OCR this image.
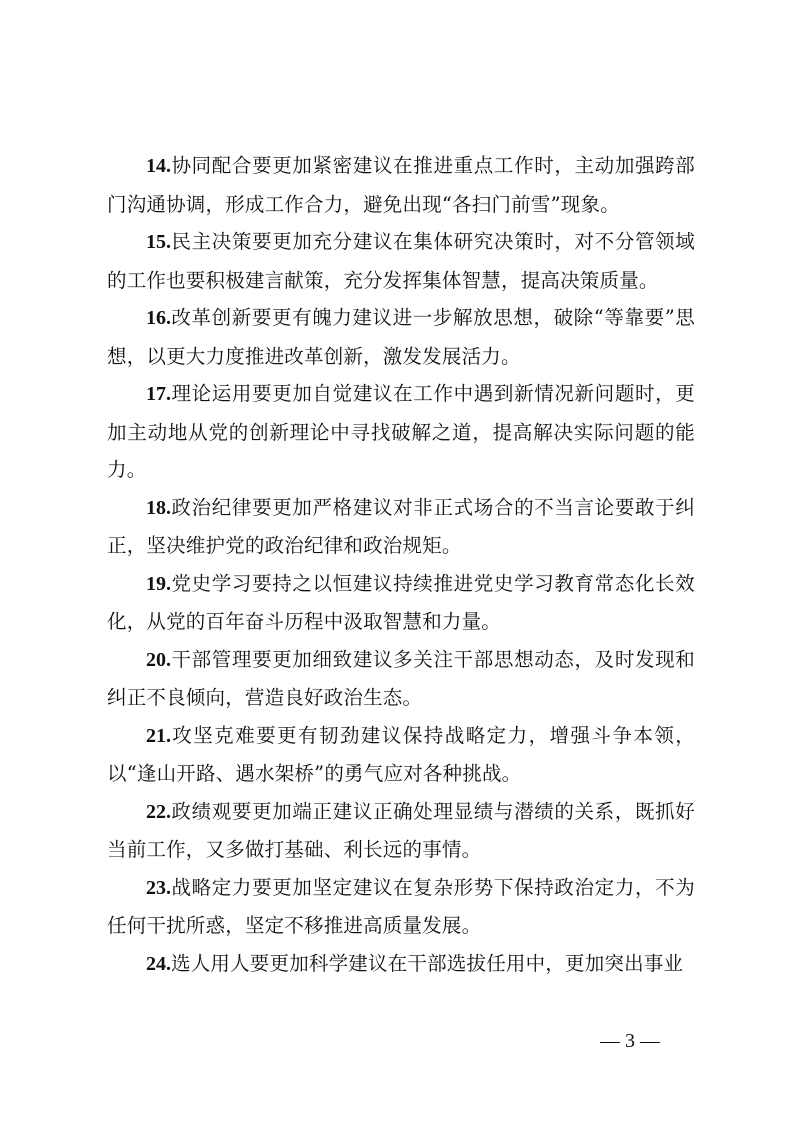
14.协同配合要更加紧密建议在推进重点工作时，主动加强跨部门沟通协调，形成工作合力，避免出现“各扫门前雪”现象。

15.民主决策要更加充分建议在集体研究决策时，对不分管领域的工作也要积极建言献策，充分发挥集体智慧，提高决策质量。

16.改革创新要更有魄力建议进一步解放思想，破除“等靠要”思想，以更大力度推进改革创新，激发发展活力。

17.理论运用要更加自觉建议在工作中遇到新情况新问题时，更加主动地从党的创新理论中寻找破解之道，提高解决实际问题的能力。

18.政治纪律要更加严格建议对非正式场合的不当言论要敢于纠正，坚决维护党的政治纪律和政治规矩。

19.党史学习要持之以恒建议持续推进党史学习教育常态化长效化，从党的百年奋斗历程中汲取智慧和力量。

20.干部管理要更加细致建议多关注干部思想动态，及时发现和纠正不良倾向，营造良好政治生态。

21.攻坚克难要更有韧劲建议保持战略定力，增强斗争本领，以“逢山开路、遇水架桥”的勇气应对各种挑战。

22.政绩观要更加端正建议正确处理显绩与潜绩的关系，既抓好当前工作，又多做打基础、利长远的事情。

23.战略定力要更加坚定建议在复杂形势下保持政治定力，不为任何干扰所惑，坚定不移推进高质量发展。

24.选人用人要更加科学建议在干部选拔任用中，更加突出事业

— 3 —
